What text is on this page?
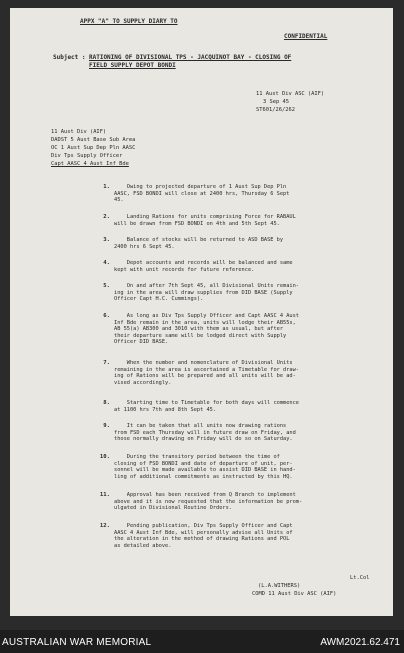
APPX "A" TO SUPPLY DIARY TO
CONFIDENTIAL
Subject : RATIONING OF DIVISIONAL TPS - JACQUINOT BAY - CLOSING OF
FIELD SUPPLY DEPOT BONDI
11 Aust Div ASC (AIF)
3 Sep 45
ST601/26/262
11 Aust Div (AIF)
DADST 5 Aust Base Sub Area
OC 1 Aust Sup Dep Pln AASC
Div Tps Supply Officer
Capt AASC 4 Aust Inf Bde
1.	Owing to projected departure of 1 Aust Sup Dep Pln
AASC, FSD BONDI will close at 2400 hrs, Thursday 6 Sept
45.
2.	Landing Rations for units comprising Force for RABAUL
will be drawn from FSD BONDI on 4th and 5th Sept 45.
3.	Balance of stocks will be returned to ASD BASE by
2400 hrs 6 Sept 45.
4.	Depot accounts and records will be balanced and same
kept with unit records for future reference.
5.	On and after 7th Sept 45, all Divisional Units remain-
ing in the area will draw supplies from DID BASE (Supply
Officer Capt H.C. Cummings).
6.	As long as Div Tps Supply Officer and Capt AASC 4 Aust
Inf Bde remain in the area, units will lodge their AB55s,
AB 55(a) AB300 and 3010 with them as usual, but after
their departure same will be lodged direct with Supply
Officer DID BASE.
7.	When the number and nomenclature of Divisional Units
remaining in the area is ascertained a Timetable for draw-
ing of Rations will be prepared and all units will be ad-
vised accordingly.
8.	Starting time to Timetable for both days will commence
at 1100 hrs 7th and 8th Sept 45.
9.	It can be taken that all units now drawing rations
from FSD each Thursday will in future draw on Friday, and
those normally drawing on Friday will do so on Saturday.
10.	During the transitory period between the time of
closing of FSD BONDI and date of departure of unit, per-
sonnel will be made available to assist DID BASE in hand-
ling of additional commitments as instructed by this HQ.
11.	Approval has been received from Q Branch to implement
above and it is now requested that the information be prom-
ulgated in Divisional Routine Orders.
12.	Pending publication, Div Tps Supply Officer and Capt
AASC 4 Aust Inf Bde, will personally advise all Units of
the alteration in the method of drawing Rations and POL
as detailed above.
Lt.Col
(L.A.WITHERS)
COMD 11 Aust Div ASC (AIF)
AUSTRALIAN WAR MEMORIAL	AWM2021.62.471
